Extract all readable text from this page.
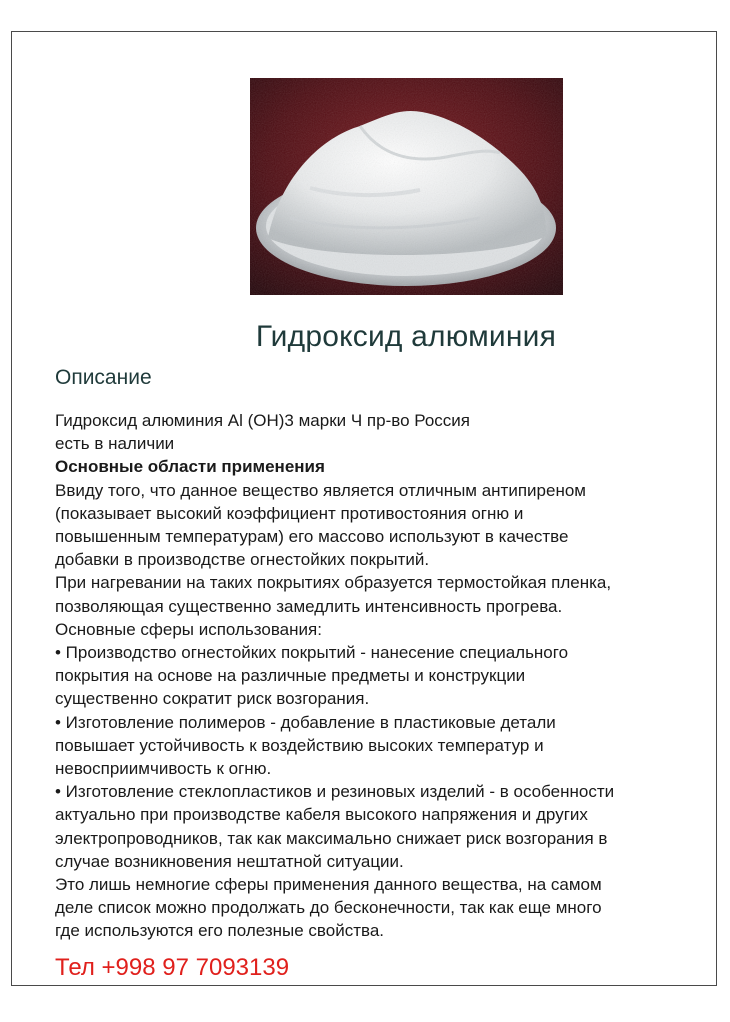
Гидроксид алюминия
Описание
Гидроксид алюминия Al (OH)3 марки Ч пр-во Россия
есть в наличии
Основные области применения
Ввиду того, что данное вещество является отличным антипиреном
(показывает высокий коэффициент противостояния огню и
повышенным температурам) его массово используют в качестве
добавки в производстве огнестойких покрытий.
При нагревании на таких покрытиях образуется термостойкая пленка,
позволяющая существенно замедлить интенсивность прогрева.
Основные сферы использования:
• Производство огнестойких покрытий - нанесение специального
покрытия на основе на различные предметы и конструкции
существенно сократит риск возгорания.
• Изготовление полимеров - добавление в пластиковые детали
повышает устойчивость к воздействию высоких температур и
невосприимчивость к огню.
• Изготовление стеклопластиков и резиновых изделий - в особенности
актуально при производстве кабеля высокого напряжения и других
электропроводников, так как максимально снижает риск возгорания в
случае возникновения нештатной ситуации.
Это лишь немногие сферы применения данного вещества, на самом
деле список можно продолжать до бесконечности, так как еще много
где используются его полезные свойства.
Тел +998 97 7093139
